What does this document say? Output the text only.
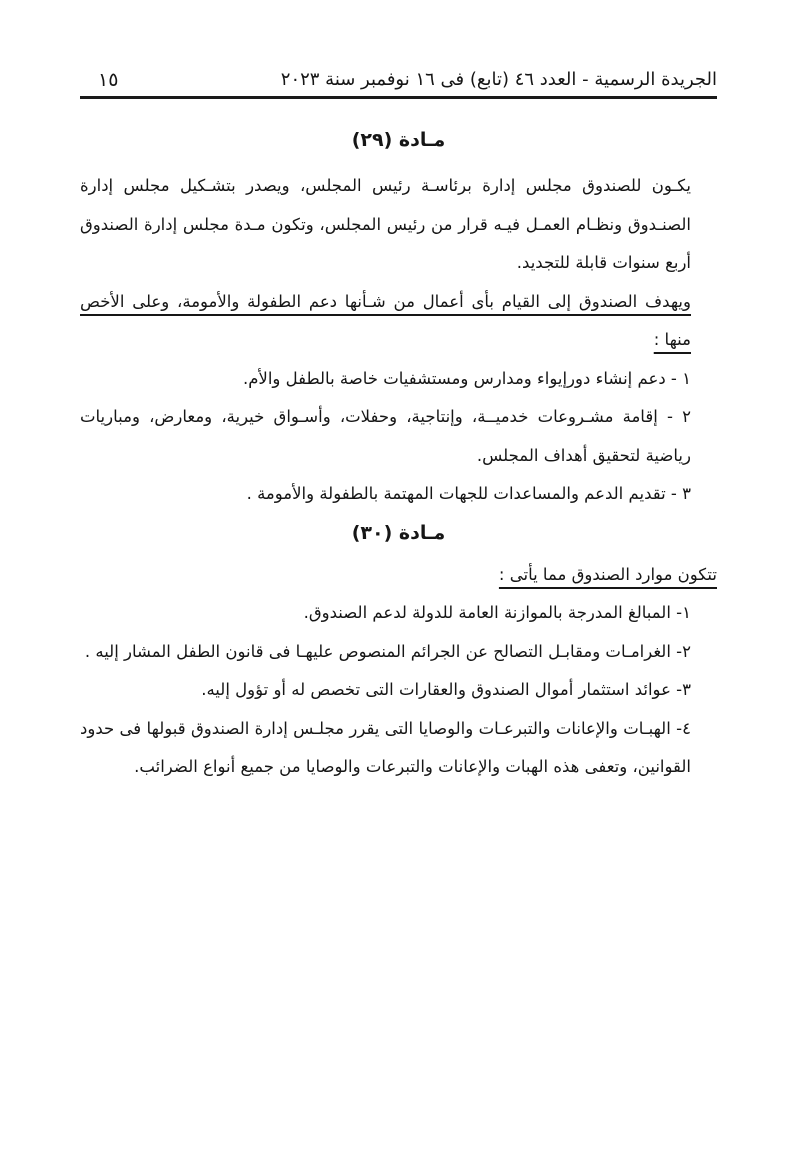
الجريدة الرسمية - العدد ٤٦ (تابع) فى ١٦ نوفمبر سنة ٢٠٢٣
١٥
مـادة (٢٩)
يكـون للصندوق مجلس إدارة برئاسـة رئيس المجلس، ويصدر بتشـكيل مجلس إدارة الصنـدوق ونظـام العمـل فيـه قرار من رئيس المجلس، وتكون مـدة مجلس إدارة الصندوق أربع سنوات قابلة للتجديد.
ويهدف الصندوق إلى القيام بأى أعمال من شـأنها دعم الطفولة والأمومة، وعلى الأخص منها :
١ - دعم إنشاء دورإيواء ومدارس ومستشفيات خاصة بالطفل والأم.
٢ - إقامة مشـروعات خدميــة، وإنتاجية، وحفلات، وأسـواق خيرية، ومعارض، ومباريات رياضية لتحقيق أهداف المجلس.
٣ - تقديم الدعم والمساعدات للجهات المهتمة بالطفولة والأمومة .
مـادة (٣٠)
تتكون موارد الصندوق مما يأتى :
١- المبالغ المدرجة بالموازنة العامة للدولة لدعم الصندوق.
٢- الغرامـات ومقابـل التصالح عن الجرائم المنصوص عليهـا فى قانون الطفل المشار إليه .
٣- عوائد استثمار أموال الصندوق والعقارات التى تخصص له أو تؤول إليه.
٤- الهبـات والإعانات والتبرعـات والوصايا التى يقرر مجلـس إدارة الصندوق قبولها فى حدود القوانين، وتعفى هذه الهبات والإعانات والتبرعات والوصايا من جميع أنواع الضرائب.
